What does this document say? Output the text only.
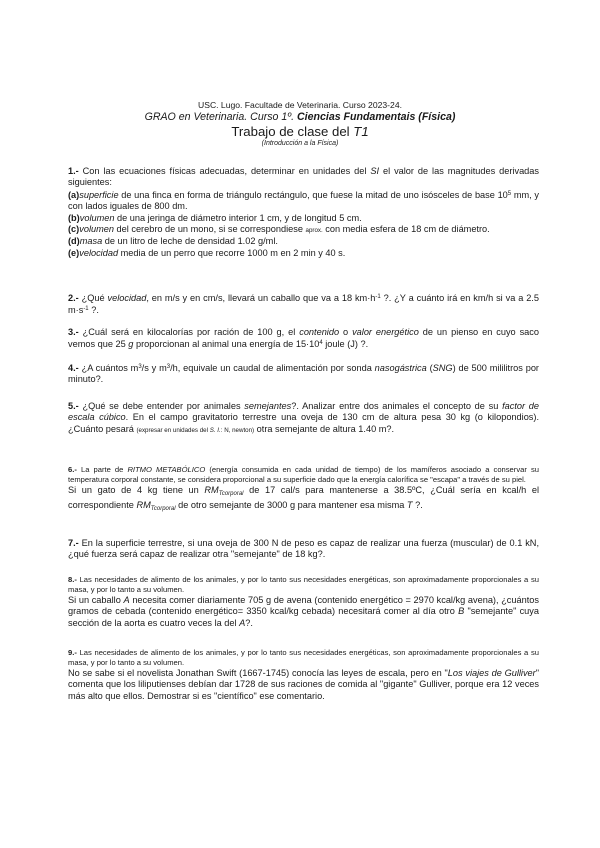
USC. Lugo. Facultade de Veterinaria. Curso 2023-24.
GRAO en Veterinaria. Curso 1º. Ciencias Fundamentais (Física)
Trabajo de clase del T1
(Introducción a la Física)

1.- Con las ecuaciones físicas adecuadas, determinar en unidades del SI el valor de las magnitudes derivadas siguientes:

(a)superficie de una finca en forma de triángulo rectángulo, que fuese la mitad de uno isósceles de base $10^5$ mm, y con lados iguales de 800 dm.

(b)volumen de una jeringa de diámetro interior 1 cm, y de longitud 5 cm.

(c)volumen del cerebro de un mono, si se correspondiese aprox. con media esfera de 18 cm de diámetro.

(d)masa de un litro de leche de densidad 1.02 g/ml.

(e)velocidad media de un perro que recorre 1000 m en 2 min y 40 s.

2.- ¿Qué velocidad, en m/s y en cm/s, llevará un caballo que va a 18 $km\cdot h^{-1}$ ?. ¿Y a cuánto irá en km/h si va a 2.5 $m\cdot s^{-1}$ ?.

3.- ¿Cuál será en kilocalorías por ración de 100 g, el contenido o valor energético de un pienso en cuyo saco vemos que 25 g proporcionan al animal una energía de $15\cdot 10^4$ joule (J) ?.

4.- ¿A cuántos $m^3/s$ y $m^3/h$, equivale un caudal de alimentación por sonda nasogástrica (SNG) de 500 mililitros por minuto?.

5.- ¿Qué se debe entender por animales semejantes?. Analizar entre dos animales el concepto de su factor de escala cúbico. En el campo gravitatorio terrestre una oveja de 130 cm de altura pesa 30 kg (o kilopondios). ¿Cuánto pesará (expresar en unidades del S. I.: N, newton) otra semejante de altura 1.40 m?.

6.- La parte de RITMO METABÓLICO (energía consumida en cada unidad de tiempo) de los mamíferos asociado a conservar su temperatura corporal constante, se considera proporcional a su superficie dado que la energía calorífica se "escapa" a través de su piel.

Si un gato de 4 kg tiene un $RM_{Tcorporal}$ de 17 cal/s para mantenerse a 38.5ºC, ¿Cuál sería en kcal/h el correspondiente $RM_{Tcorporal}$ de otro semejante de 3000 g para mantener esa misma T ?.

7.- En la superficie terrestre, si una oveja de 300 N de peso es capaz de realizar una fuerza (muscular) de 0.1 kN, ¿qué fuerza será capaz de realizar otra "semejante" de 18 kg?.

8.- Las necesidades de alimento de los animales, y por lo tanto sus necesidades energéticas, son aproximadamente proporcionales a su masa, y por lo tanto a su volumen.

Si un caballo A necesita comer diariamente 705 g de avena (contenido energético = 2970 kcal/kg avena), ¿cuántos gramos de cebada (contenido energético= 3350 kcal/kg cebada) necesitará comer al día otro B "semejante" cuya sección de la aorta es cuatro veces la del A?.

9.- Las necesidades de alimento de los animales, y por lo tanto sus necesidades energéticas, son aproximadamente proporcionales a su masa, y por lo tanto a su volumen.

No se sabe si el novelista Jonathan Swift (1667-1745) conocía las leyes de escala, pero en "Los viajes de Gulliver" comenta que los liliputienses debían dar 1728 de sus raciones de comida al "gigante" Gulliver, porque era 12 veces más alto que ellos. Demostrar si es "científico" ese comentario.
